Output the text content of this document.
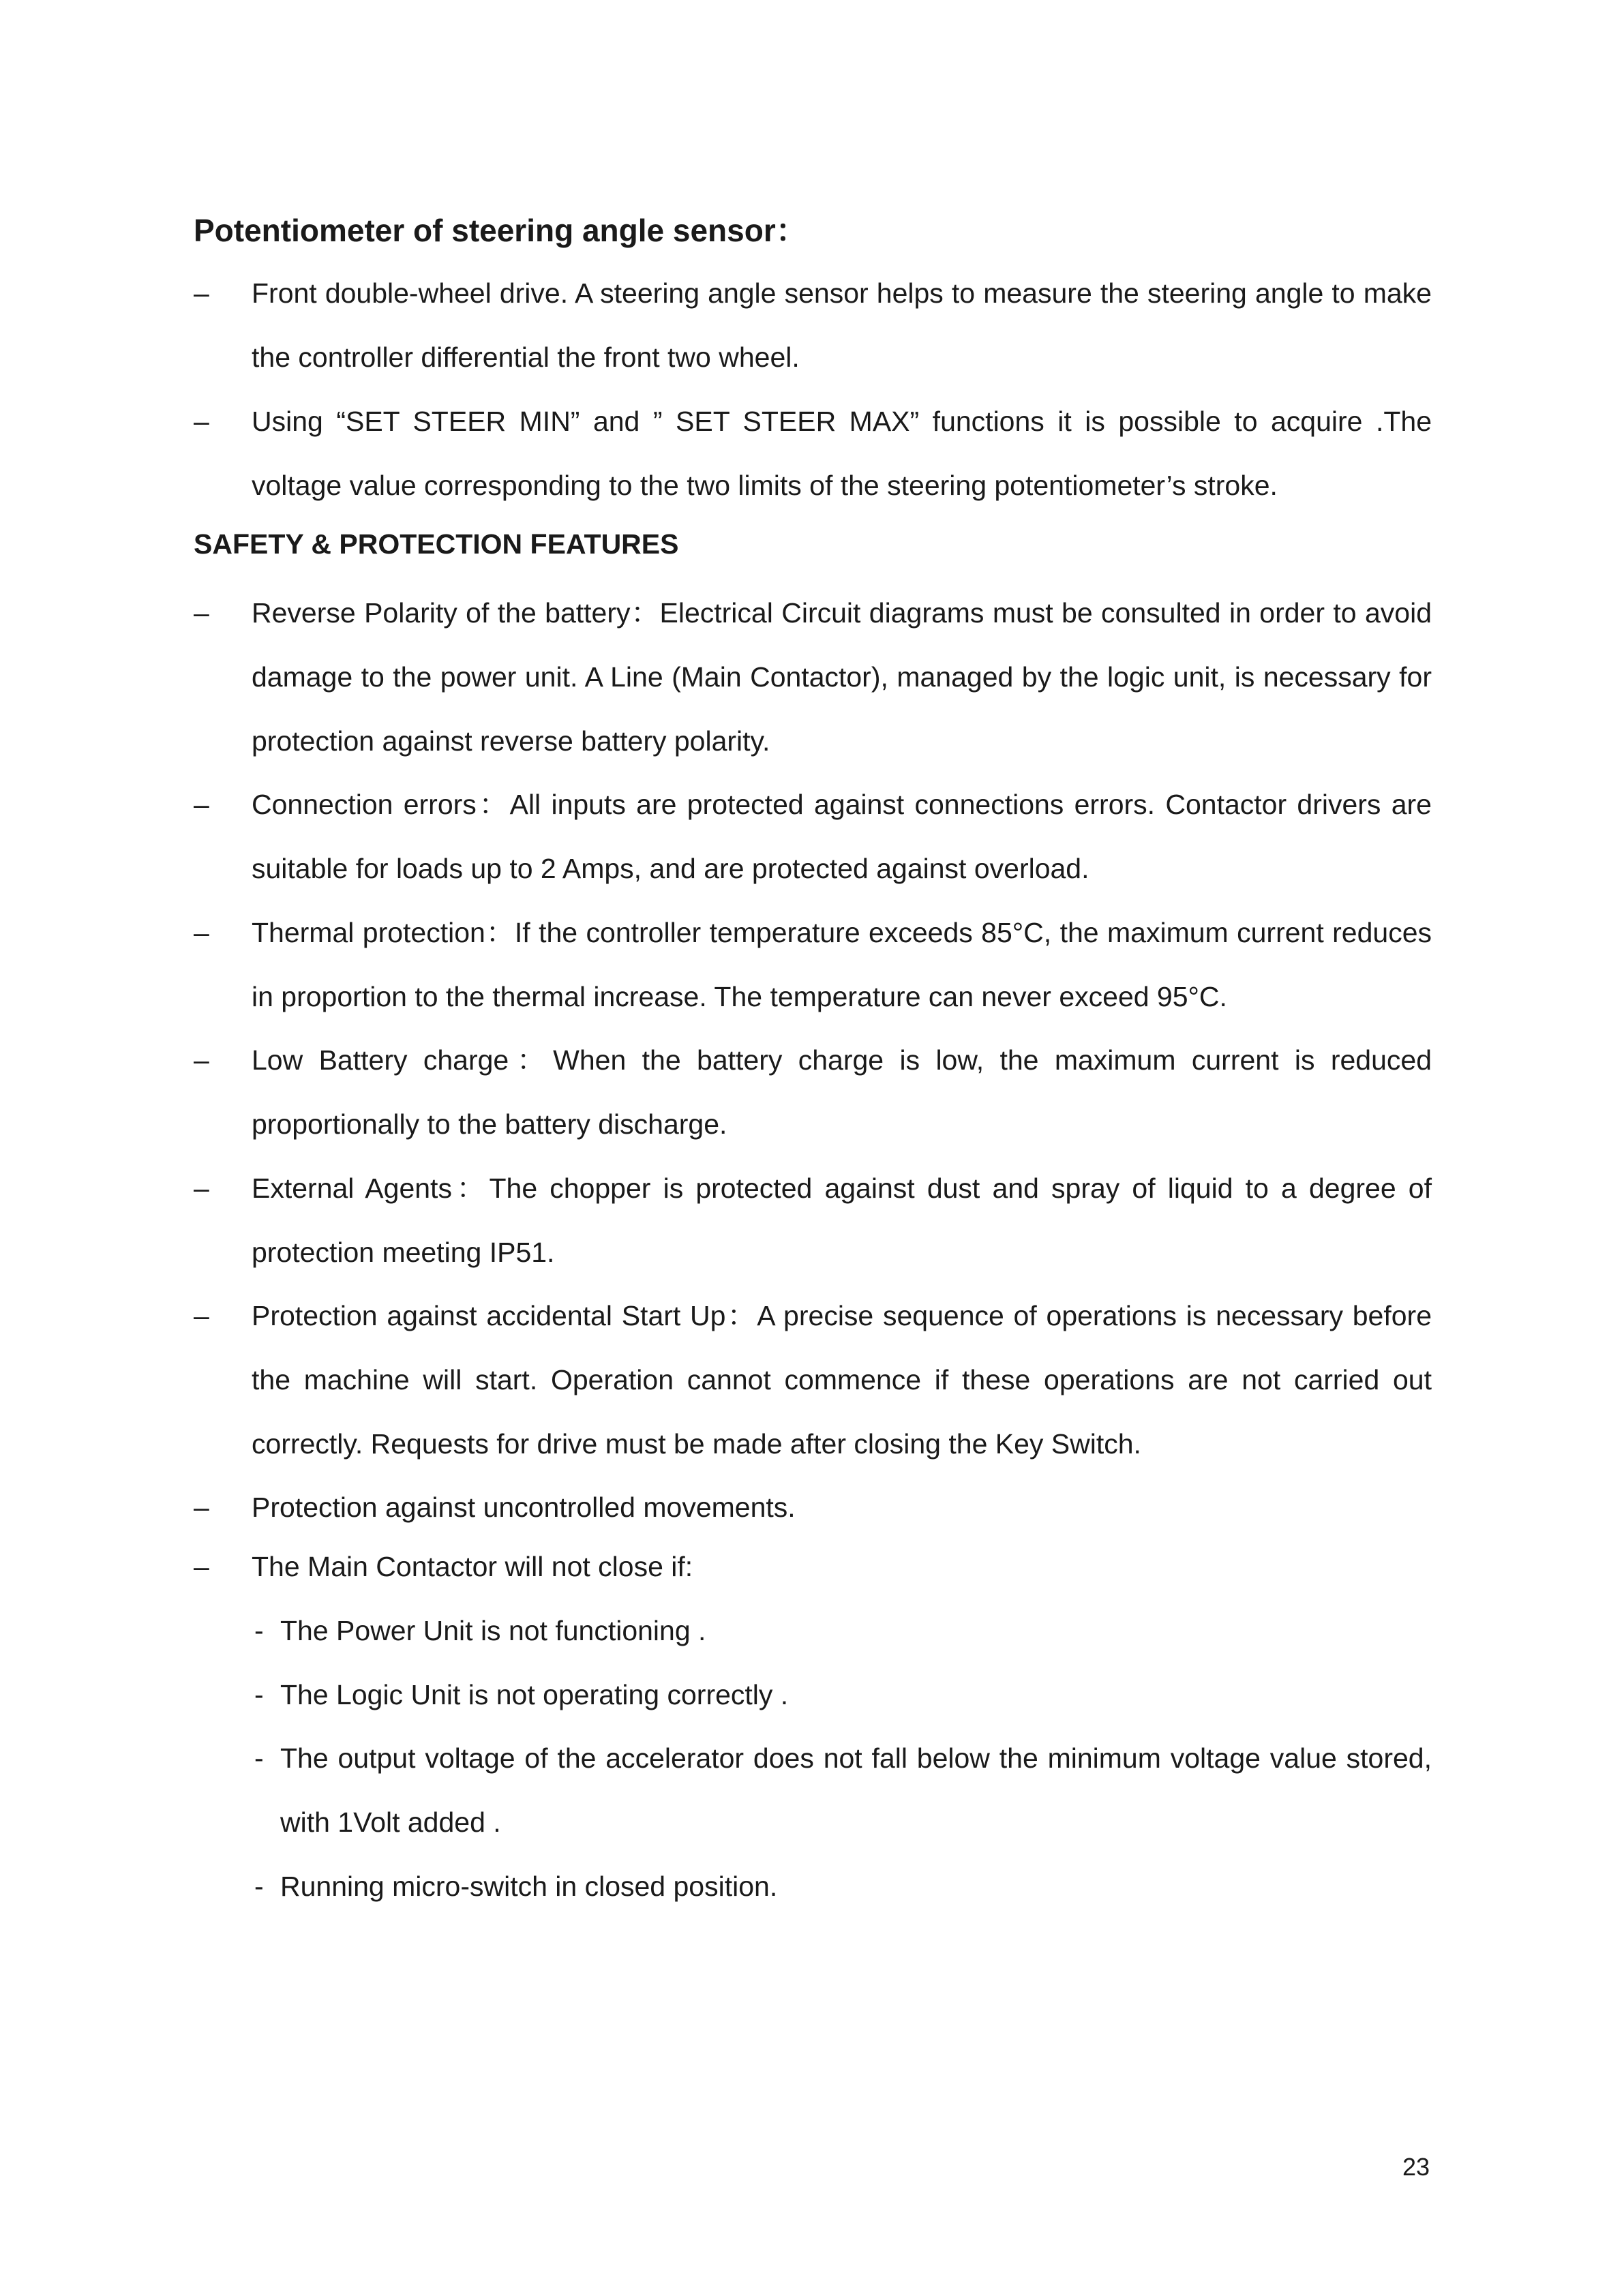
Potentiometer of steering angle sensor：
–	Front double-wheel drive. A steering angle sensor helps to measure the steering angle to make the controller differential the front two wheel.
–	Using “SET STEER MIN” and ” SET STEER MAX” functions it is possible to acquire .The voltage value corresponding to the two limits of the steering potentiometer’s stroke.
SAFETY & PROTECTION FEATURES
–	Reverse Polarity of the battery：Electrical Circuit diagrams must be consulted in order to avoid damage to the power unit. A Line (Main Contactor), managed by the logic unit, is necessary for protection against reverse battery polarity.
–	Connection errors：All inputs are protected against connections errors. Contactor drivers are suitable for loads up to 2 Amps, and are protected against overload.
–	Thermal protection：If the controller temperature exceeds 85°C, the maximum current reduces in proportion to the thermal increase. The temperature can never exceed 95°C.
–	Low Battery charge：When the battery charge is low, the maximum current is reduced proportionally to the battery discharge.
–	External Agents：The chopper is protected against dust and spray of liquid to a degree of protection meeting IP51.
–	Protection against accidental Start Up：A precise sequence of operations is necessary before the machine will start. Operation cannot commence if these operations are not carried out correctly. Requests for drive must be made after closing the Key Switch.
–	Protection against uncontrolled movements.
–	The Main Contactor will not close if:
- The Power Unit is not functioning .
- The Logic Unit is not operating correctly .
- The output voltage of the accelerator does not fall below the minimum voltage value stored, with 1Volt added .
- Running micro-switch in closed position.
23
